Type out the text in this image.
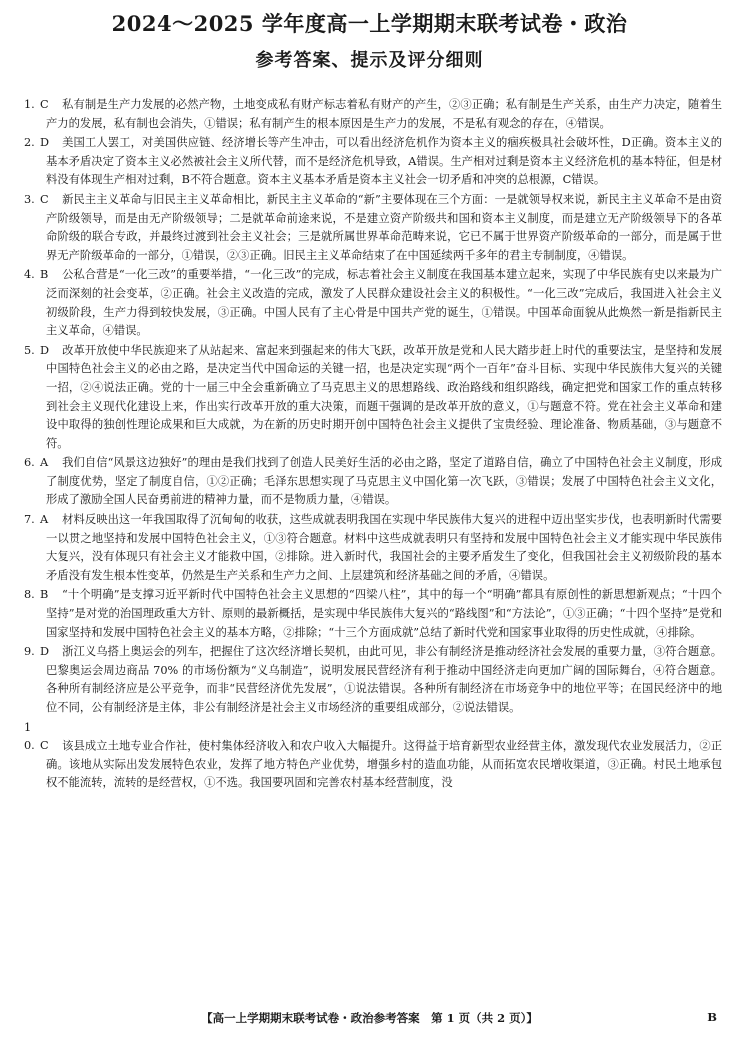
2024～2025 学年度高一上学期期末联考试卷・政治
参考答案、提示及评分细则
1. C 私有制是生产力发展的必然产物，土地变成私有财产标志着私有财产的产生，②③正确；私有制是生产关系，由生产力决定，随着生产力的发展，私有制也会消失，①错误；私有制产生的根本原因是生产力的发展，不是私有观念的存在，④错误。
2. D 美国工人罢工，对美国供应链、经济增长等产生冲击，可以看出经济危机作为资本主义的痼疾极具社会破坏性，D正确。资本主义的基本矛盾决定了资本主义必然被社会主义所代替，而不是经济危机导致，A错误。生产相对过剩是资本主义经济危机的基本特征，但是材料没有体现生产相对过剩，B不符合题意。资本主义基本矛盾是资本主义社会一切矛盾和冲突的总根源，C错误。
3. C 新民主主义革命与旧民主主义革命相比，新民主主义革命的“新”主要体现在三个方面：一是就领导权来说，新民主主义革命不是由资产阶级领导，而是由无产阶级领导；二是就革命前途来说，不是建立资产阶级共和国和资本主义制度，而是建立无产阶级领导下的各革命阶级的联合专政，并最终过渡到社会主义社会；三是就所属世界革命范畴来说，它已不属于世界资产阶级革命的一部分，而是属于世界无产阶级革命的一部分，①错误，②③正确。旧民主主义革命结束了在中国延续两千多年的君主专制制度，④错误。
4. B 公私合营是“一化三改”的重要举措，“一化三改”的完成，标志着社会主义制度在我国基本建立起来，实现了中华民族有史以来最为广泛而深刻的社会变革，②正确。社会主义改造的完成，激发了人民群众建设社会主义的积极性。“一化三改”完成后，我国进入社会主义初级阶段，生产力得到较快发展，③正确。中国人民有了主心骨是中国共产党的诞生，①错误。中国革命面貌从此焕然一新是指新民主主义革命，④错误。
5. D 改革开放使中华民族迎来了从站起来、富起来到强起来的伟大飞跃，改革开放是党和人民大踏步赶上时代的重要法宝，是坚持和发展中国特色社会主义的必由之路，是决定当代中国命运的关键一招，也是决定实现“两个一百年”奋斗目标、实现中华民族伟大复兴的关键一招，②④说法正确。党的十一届三中全会重新确立了马克思主义的思想路线、政治路线和组织路线，确定把党和国家工作的重点转移到社会主义现代化建设上来，作出实行改革开放的重大决策，而题干强调的是改革开放的意义，①与题意不符。党在社会主义革命和建设中取得的独创性理论成果和巨大成就，为在新的历史时期开创中国特色社会主义提供了宝贵经验、理论准备、物质基础，③与题意不符。
6. A 我们自信“风景这边独好”的理由是我们找到了创造人民美好生活的必由之路，坚定了道路自信，确立了中国特色社会主义制度，形成了制度优势，坚定了制度自信，①②正确；毛泽东思想实现了马克思主义中国化第一次飞跃，③错误；发展了中国特色社会主义文化，形成了激励全国人民奋勇前进的精神力量，而不是物质力量，④错误。
7. A 材料反映出这一年我国取得了沉甸甸的收获，这些成就表明我国在实现中华民族伟大复兴的进程中迈出坚实步伐，也表明新时代需要一以贯之地坚持和发展中国特色社会主义，①③符合题意。材料中这些成就表明只有坚持和发展中国特色社会主义才能实现中华民族伟大复兴，没有体现只有社会主义才能救中国，②排除。进入新时代，我国社会的主要矛盾发生了变化，但我国社会主义初级阶段的基本矛盾没有发生根本性变革，仍然是生产关系和生产力之间、上层建筑和经济基础之间的矛盾，④错误。
8. B “十个明确”是支撑习近平新时代中国特色社会主义思想的“四梁八柱”，其中的每一个“明确”都具有原创性的新思想新观点；“十四个坚持”是对党的治国理政重大方针、原则的最新概括，是实现中华民族伟大复兴的“路线图”和“方法论”，①③正确；“十四个坚持”是党和国家坚持和发展中国特色社会主义的基本方略，②排除；“十三个方面成就”总结了新时代党和国家事业取得的历史性成就，④排除。
9. D 浙江义乌搭上奥运会的列车，把握住了这次经济增长契机，由此可见，非公有制经济是推动经济社会发展的重要力量，③符合题意。巴黎奥运会周边商品 70% 的市场份额为“义乌制造”，说明发展民营经济有利于推动中国经济走向更加广阔的国际舞台，④符合题意。各种所有制经济应是公平竞争，而非“民营经济优先发展”，①说法错误。各种所有制经济在市场竞争中的地位平等；在国民经济中的地位不同，公有制经济是主体，非公有制经济是社会主义市场经济的重要组成部分，②说法错误。
10. C 该县成立土地专业合作社，使村集体经济收入和农户收入大幅提升。这得益于培育新型农业经营主体，激发现代农业发展活力，②正确。该地从实际出发发展特色农业，发挥了地方特色产业优势，增强乡村的造血功能，从而拓宽农民增收渠道，③正确。村民土地承包权不能流转，流转的是经营权，①不选。我国要巩固和完善农村基本经营制度，没
【高一上学期期末联考试卷・政治参考答案　第 1 页（共 2 页）】	B
